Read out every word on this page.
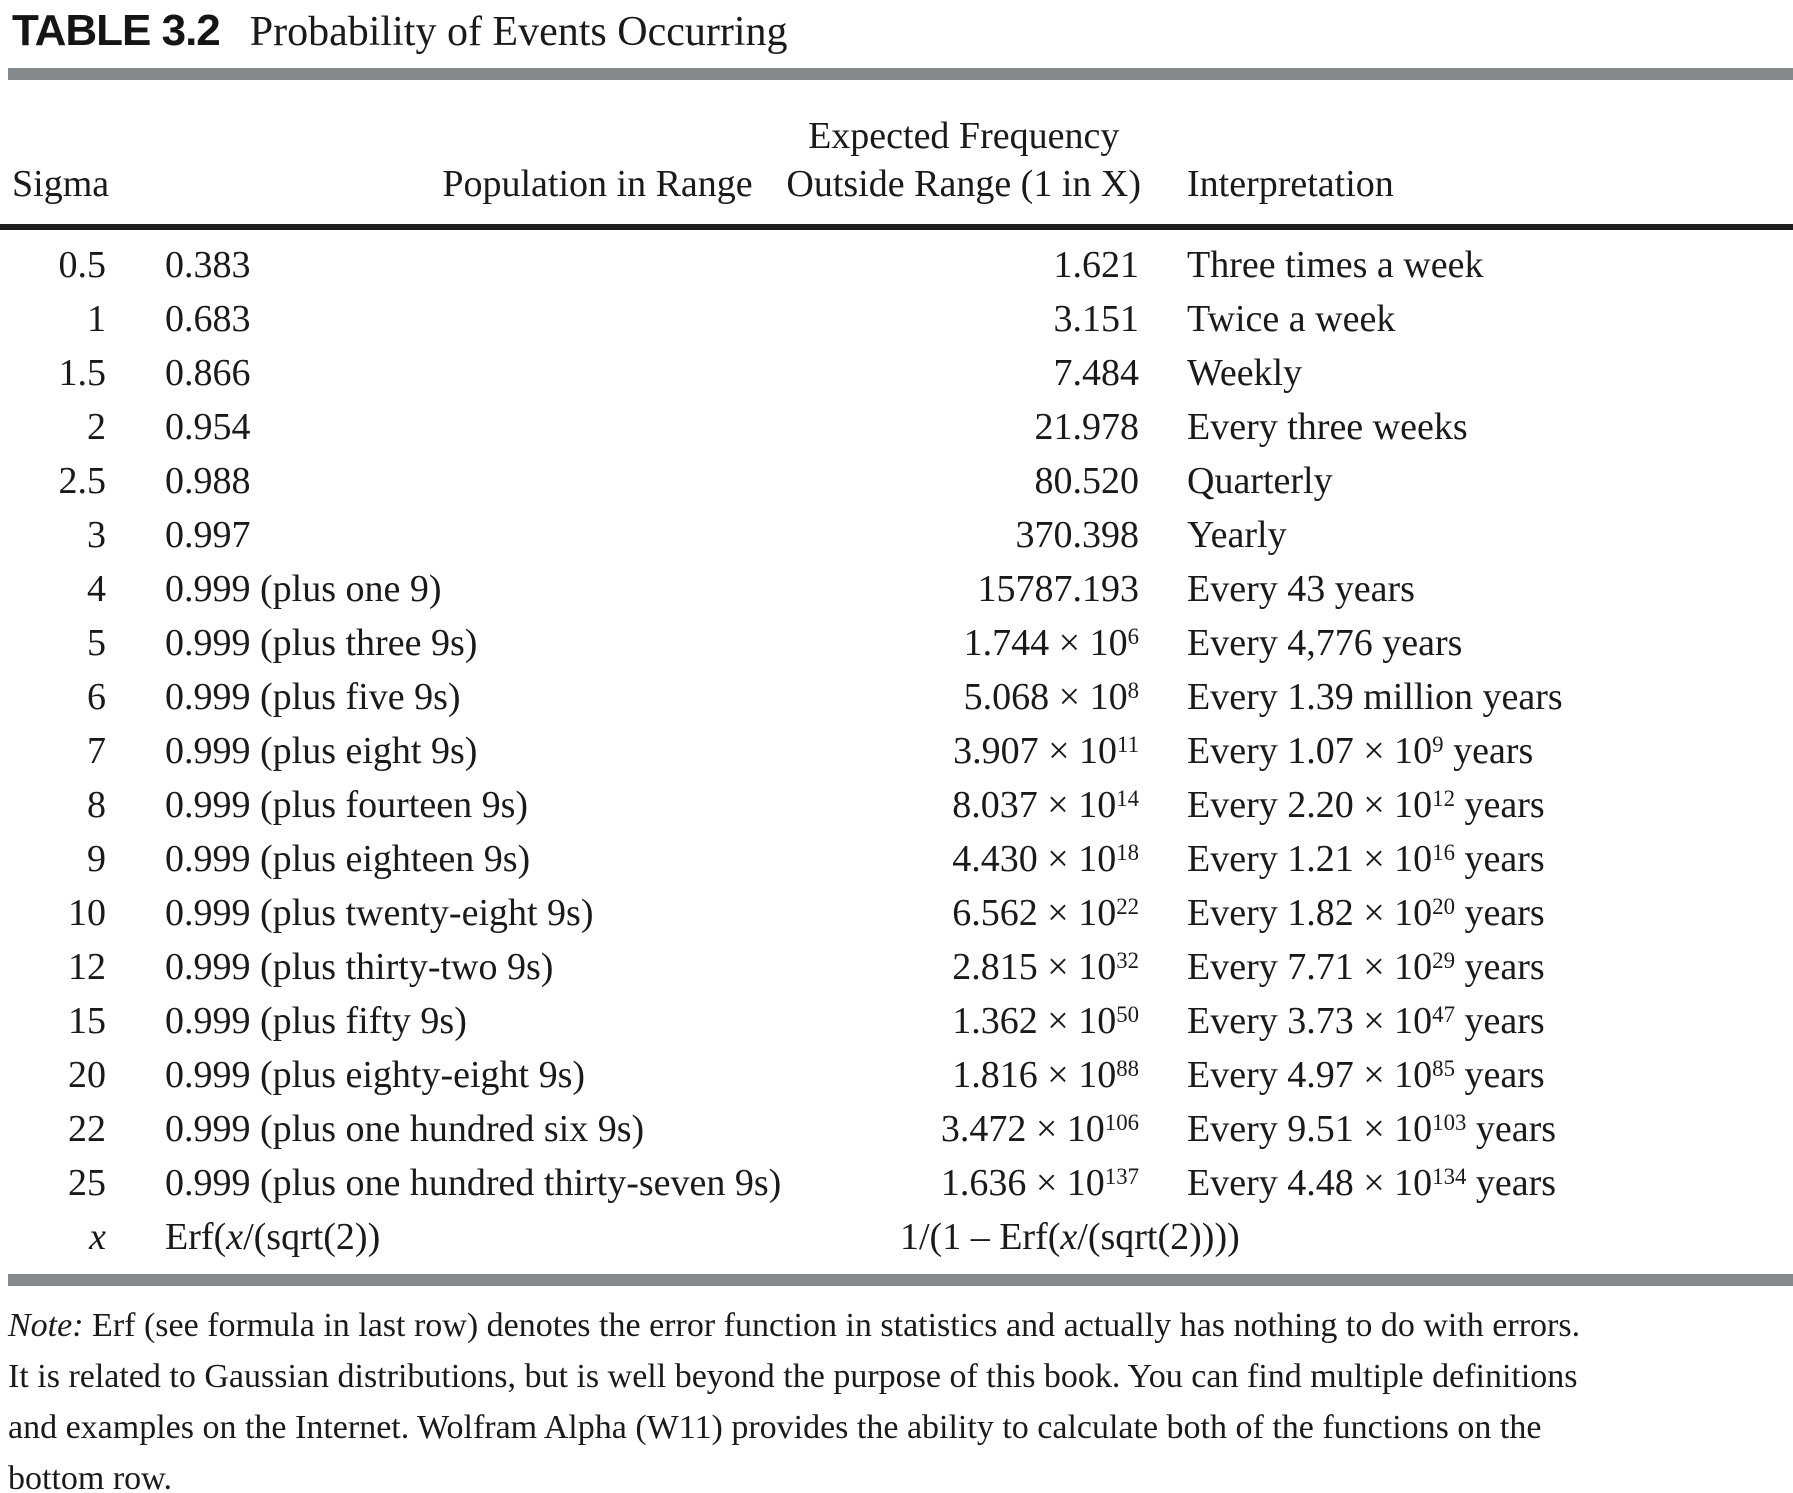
TABLE 3.2 Probability of Events Occurring
Sigma	Population in Range	Expected Frequency
Outside Range (1 in X)	Interpretation
0.5	0.383	1.621	Three times a week
1	0.683	3.151	Twice a week
1.5	0.866	7.484	Weekly
2	0.954	21.978	Every three weeks
2.5	0.988	80.520	Quarterly
3	0.997	370.398	Yearly
4	0.999 (plus one 9)	15787.193	Every 43 years
5	0.999 (plus three 9s)	$1.744 \times 10^6$	Every 4,776 years
6	0.999 (plus five 9s)	$5.068 \times 10^8$	Every 1.39 million years
7	0.999 (plus eight 9s)	$3.907 \times 10^{11}$	Every $1.07 \times 10^9$ years
8	0.999 (plus fourteen 9s)	$8.037 \times 10^{14}$	Every $2.20 \times 10^{12}$ years
9	0.999 (plus eighteen 9s)	$4.430 \times 10^{18}$	Every $1.21 \times 10^{16}$ years
10	0.999 (plus twenty-eight 9s)	$6.562 \times 10^{22}$	Every $1.82 \times 10^{20}$ years
12	0.999 (plus thirty-two 9s)	$2.815 \times 10^{32}$	Every $7.71 \times 10^{29}$ years
15	0.999 (plus fifty 9s)	$1.362 \times 10^{50}$	Every $3.73 \times 10^{47}$ years
20	0.999 (plus eighty-eight 9s)	$1.816 \times 10^{88}$	Every $4.97 \times 10^{85}$ years
22	0.999 (plus one hundred six 9s)	$3.472 \times 10^{106}$	Every $9.51 \times 10^{103}$ years
25	0.999 (plus one hundred thirty-seven 9s)	$1.636 \times 10^{137}$	Every $4.48 \times 10^{134}$ years
x	Erf(x/(sqrt(2))	1/(1 – Erf(x/(sqrt(2))))	

Note: Erf (see formula in last row) denotes the error function in statistics and actually has nothing to do with errors.
It is related to Gaussian distributions, but is well beyond the purpose of this book. You can find multiple definitions
and examples on the Internet. Wolfram Alpha (W11) provides the ability to calculate both of the functions on the
bottom row.
